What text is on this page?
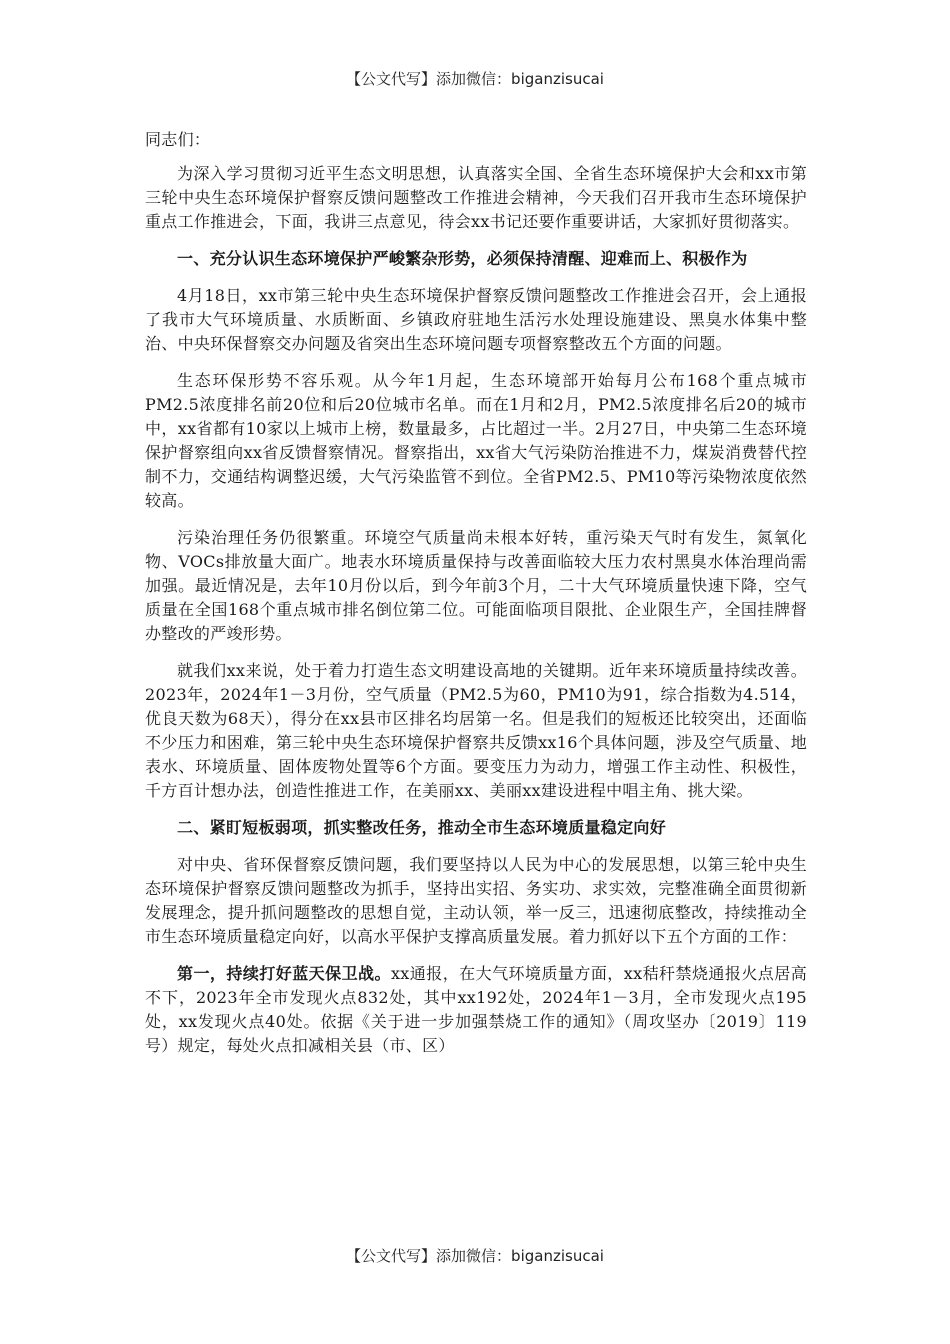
【公文代写】添加微信：biganzisucai

同志们：

为深入学习贯彻习近平生态文明思想，认真落实全国、全省生态环境保护大会和xx市第三轮中央生态环境保护督察反馈问题整改工作推进会精神，今天我们召开我市生态环境保护重点工作推进会，下面，我讲三点意见，待会xx书记还要作重要讲话，大家抓好贯彻落实。

一、充分认识生态环境保护严峻繁杂形势，必须保持清醒、迎难而上、积极作为

4月18日，xx市第三轮中央生态环境保护督察反馈问题整改工作推进会召开，会上通报了我市大气环境质量、水质断面、乡镇政府驻地生活污水处理设施建设、黑臭水体集中整治、中央环保督察交办问题及省突出生态环境问题专项督察整改五个方面的问题。

生态环保形势不容乐观。从今年1月起，生态环境部开始每月公布168个重点城市PM2.5浓度排名前20位和后20位城市名单。而在1月和2月，PM2.5浓度排名后20的城市中，xx省都有10家以上城市上榜，数量最多，占比超过一半。2月27日，中央第二生态环境保护督察组向xx省反馈督察情况。督察指出，xx省大气污染防治推进不力，煤炭消费替代控制不力，交通结构调整迟缓，大气污染监管不到位。全省PM2.5、PM10等污染物浓度依然较高。

污染治理任务仍很繁重。环境空气质量尚未根本好转，重污染天气时有发生，氮氧化物、VOCs排放量大面广。地表水环境质量保持与改善面临较大压力农村黑臭水体治理尚需加强。最近情况是，去年10月份以后，到今年前3个月，二十大气环境质量快速下降，空气质量在全国168个重点城市排名倒位第二位。可能面临项目限批、企业限生产，全国挂牌督办整改的严竣形势。

就我们xx来说，处于着力打造生态文明建设高地的关键期。近年来环境质量持续改善。2023年，2024年1－3月份，空气质量（PM2.5为60，PM10为91，综合指数为4.514，优良天数为68天），得分在xx县市区排名均居第一名。但是我们的短板还比较突出，还面临不少压力和困难，第三轮中央生态环境保护督察共反馈xx16个具体问题，涉及空气质量、地表水、环境质量、固体废物处置等6个方面。要变压力为动力，增强工作主动性、积极性，千方百计想办法，创造性推进工作，在美丽xx、美丽xx建设进程中唱主角、挑大梁。

二、紧盯短板弱项，抓实整改任务，推动全市生态环境质量稳定向好

对中央、省环保督察反馈问题，我们要坚持以人民为中心的发展思想，以第三轮中央生态环境保护督察反馈问题整改为抓手，坚持出实招、务实功、求实效，完整准确全面贯彻新发展理念，提升抓问题整改的思想自觉，主动认领，举一反三，迅速彻底整改，持续推动全市生态环境质量稳定向好，以高水平保护支撑高质量发展。着力抓好以下五个方面的工作：

第一，持续打好蓝天保卫战。xx通报，在大气环境质量方面，xx秸秆禁烧通报火点居高不下，2023年全市发现火点832处，其中xx192处，2024年1－3月，全市发现火点195处，xx发现火点40处。依据《关于进一步加强禁烧工作的通知》（周攻坚办〔2019〕119号）规定，每处火点扣减相关县（市、区）

【公文代写】添加微信：biganzisucai
